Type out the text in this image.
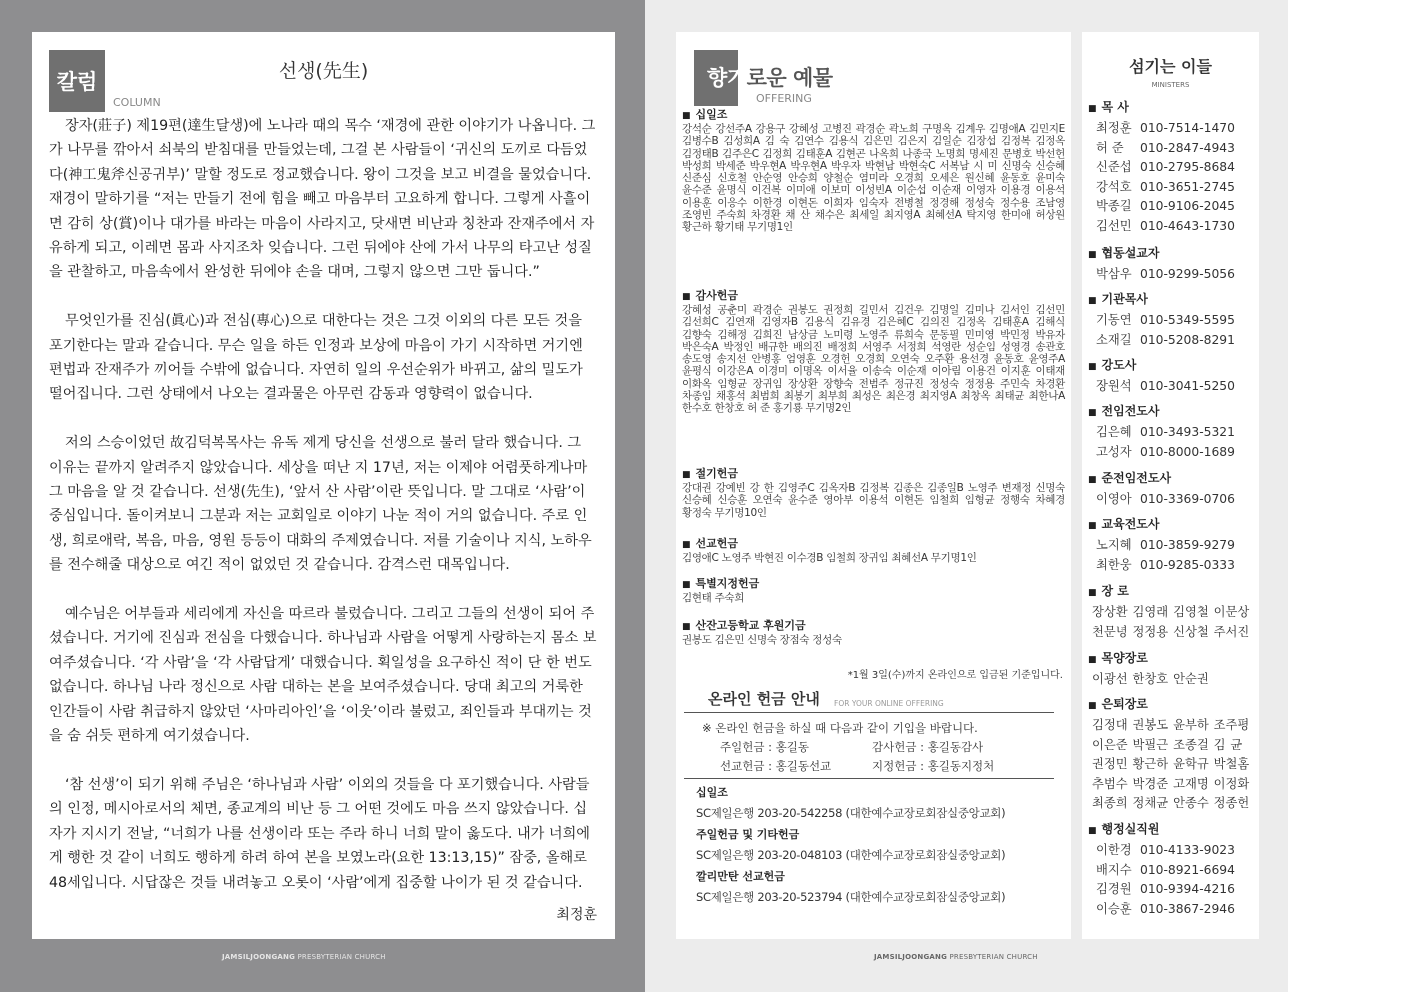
칼럼
COLUMN
선생(先生)

장자(莊子) 제19편(達生달생)에 노나라 때의 목수 ‘재경에 관한 이야기가 나옵니다. 그가 나무를 깎아서 쇠북의 받침대를 만들었는데, 그걸 본 사람들이 ‘귀신의 도끼로 다듬었다(神工鬼斧신공귀부)’ 말할 정도로 정교했습니다. 왕이 그것을 보고 비결을 물었습니다. 재경이 말하기를 “저는 만들기 전에 힘을 빼고 마음부터 고요하게 합니다. 그렇게 사흘이면 감히 상(賞)이나 대가를 바라는 마음이 사라지고, 닷새면 비난과 칭찬과 잔재주에서 자유하게 되고, 이레면 몸과 사지조차 잊습니다. 그런 뒤에야 산에 가서 나무의 타고난 성질을 관찰하고, 마음속에서 완성한 뒤에야 손을 대며, 그렇지 않으면 그만 둡니다.”

무엇인가를 진심(眞心)과 전심(專心)으로 대한다는 것은 그것 이외의 다른 모든 것을 포기한다는 말과 같습니다. 무슨 일을 하든 인정과 보상에 마음이 가기 시작하면 거기엔 편법과 잔재주가 끼어들 수밖에 없습니다. 자연히 일의 우선순위가 바뀌고, 삶의 밀도가 떨어집니다. 그런 상태에서 나오는 결과물은 아무런 감동과 영향력이 없습니다.

저의 스승이었던 故김덕복목사는 유독 제게 당신을 선생으로 불러 달라 했습니다. 그 이유는 끝까지 알려주지 않았습니다. 세상을 떠난 지 17년, 저는 이제야 어렴풋하게나마 그 마음을 알 것 같습니다. 선생(先生), ‘앞서 산 사람’이란 뜻입니다. 말 그대로 ‘사람’이 중심입니다. 돌이켜보니 그분과 저는 교회일로 이야기 나눈 적이 거의 없습니다. 주로 인생, 희로애락, 복음, 마음, 영원 등등이 대화의 주제였습니다. 저를 기술이나 지식, 노하우를 전수해줄 대상으로 여긴 적이 없었던 것 같습니다. 감격스런 대목입니다.

예수님은 어부들과 세리에게 자신을 따르라 불렀습니다. 그리고 그들의 선생이 되어 주셨습니다. 거기에 진심과 전심을 다했습니다. 하나님과 사람을 어떻게 사랑하는지 몸소 보여주셨습니다. ‘각 사람’을 ‘각 사람답게’ 대했습니다. 획일성을 요구하신 적이 단 한 번도 없습니다. 하나님 나라 정신으로 사람 대하는 본을 보여주셨습니다. 당대 최고의 거룩한 인간들이 사람 취급하지 않았던 ‘사마리아인’을 ‘이웃’이라 불렀고, 죄인들과 부대끼는 것을 숨 쉬듯 편하게 여기셨습니다.

‘참 선생’이 되기 위해 주님은 ‘하나님과 사람’ 이외의 것들을 다 포기했습니다. 사람들의 인정, 메시아로서의 체면, 종교계의 비난 등 그 어떤 것에도 마음 쓰지 않았습니다. 십자가 지시기 전날, “너희가 나를 선생이라 또는 주라 하니 너희 말이 옳도다. 내가 너희에게 행한 것 같이 너희도 행하게 하려 하여 본을 보였노라(요한 13:13,15)” 잠중, 올해로 48세입니다. 시답잖은 것들 내려놓고 오롯이 ‘사람’에게 집중할 나이가 된 것 같습니다.

최정훈
향기로운 예물
OFFERING
■ 십일조
강석순 강선주A 강용구 강혜성 고병진 곽경순 곽노희 구명옥 김계우 김명애A 김민지E 김병수B 김성희A 김 숙 김연수 김용식 김은민 김은지 김일순 김장섭 김정복 김정옥 김정태B 김주은C 김정희 김태훈A 김현곤 나옥희 나종국 노명희 명세진 문병호 박선헌 박성희 박세준 박우현A 박우현A 박우자 박현남 박현숙C 서복남 시 미 신명숙 신승혜 신준심 신호철 안순영 안승희 양철순 염미라 오경희 오세은 원신혜 윤동호 윤미숙 윤수준 윤명식 이건복 이미애 이보미 이성빈A 이순섭 이순재 이영자 이용경 이용석 이용훈 이응수 이한경 이현돈 이희자 임숙자 전병철 정경해 정성숙 정수용 조남영 조영빈 주숙희 차경환 채 산 채수은 최세일 최지영A 최혜선A 탁지영 한미애 허상원 황근하 황기태 무기명1인
■ 감사헌금
강혜성 공춘미 곽경순 권봉도 권정희 길민서 김건우 김명일 김미나 김서인 김선민 김선희C 김연재 김영자B 김용식 김유경 김은혜C 김의진 김정옥 김태훈A 김해식 김향숙 김해정 김희진 남상금 노미령 노영주 류희숙 문동필 민미영 박민정 박유자 박은숙A 박정인 배규한 배의진 배정희 서영주 서정희 석영란 성순임 성영경 송관호 송도영 송지선 안병홍 엄영훈 오경헌 오경희 오연숙 오주환 용선경 윤동호 윤영주A 윤평식 이강은A 이경미 이명옥 이서율 이송숙 이순재 이아림 이용건 이지훈 이태재 이화옥 임형균 장귀임 장상환 장향숙 전범주 정규진 정성숙 정정용 주민숙 차경환 차종임 채홍석 최범희 최봉기 최부희 최성은 최은경 최지영A 최창옥 최태균 최한나A 한수호 한창호 허 준 홍기룡 무기명2인
■ 절기헌금
강대권 강예빈 강 한 김영주C 김옥자B 김정복 김종은 김종일B 노영주 변재정 신명숙 신승혜 신승훈 오연숙 윤수준 영아부 이용석 이현돈 임철희 임형균 정행숙 차혜경 황정숙 무기명10인
■ 선교헌금
김영애C 노영주 박현진 이수경B 임철희 장귀임 최혜선A 무기명1인
■ 특별지정헌금
김현태 주숙희
■ 산잔고등학교 후원기금
권봉도 김은민 신명숙 장점숙 정성숙
*1월 3일(수)까지 온라인으로 입금된 기준입니다.
온라인 헌금 안내 FOR YOUR ONLINE OFFERING
※ 온라인 헌금을 하실 때 다음과 같이 기입을 바랍니다.
주일헌금 : 홍길동	감사헌금 : 홍길동감사
선교헌금 : 홍길동선교	지정헌금 : 홍길동지정처
십일조
SC제일은행 203-20-542258 (대한예수교장로회잠실중앙교회)
주일헌금 및 기타헌금
SC제일은행 203-20-048103 (대한예수교장로회잠실중앙교회)
깔리만탄 선교헌금
SC제일은행 203-20-523794 (대한예수교장로회잠실중앙교회)
섬기는 이들
MINISTERS
■ 목 사
최정훈 010-7514-1470
허 준 010-2847-4943
신준섭 010-2795-8684
강석호 010-3651-2745
박종길 010-9106-2045
김선민 010-4643-1730
■ 협동설교자
박삼우 010-9299-5056
■ 기관목사
기동연 010-5349-5595
소재길 010-5208-8291
■ 강도사
장원석 010-3041-5250
■ 전임전도사
김은혜 010-3493-5321
고성자 010-8000-1689
■ 준전임전도사
이영아 010-3369-0706
■ 교육전도사
노지혜 010-3859-9279
최한웅 010-9285-0333
■ 장 로
장상환 김영래 김영철 이문상
천문녕 정정용 신상철 주서진
■ 목양장로
이광선 한창호 안순권
■ 은퇴장로
김정대 권봉도 윤부하 조주평
이은준 박필근 조종걸 김 균
권정민 황근하 윤학규 박철홈
추범수 박경준 고재명 이정화
최종희 정채균 안종수 정종헌
■ 행정실직원
이한경 010-4133-9023
배지수 010-8921-6694
김경원 010-9394-4216
이승훈 010-3867-2946
JAMSILJOONGANG PRESBYTERIAN CHURCH	JAMSILJOONGANG PRESBYTERIAN CHURCH
